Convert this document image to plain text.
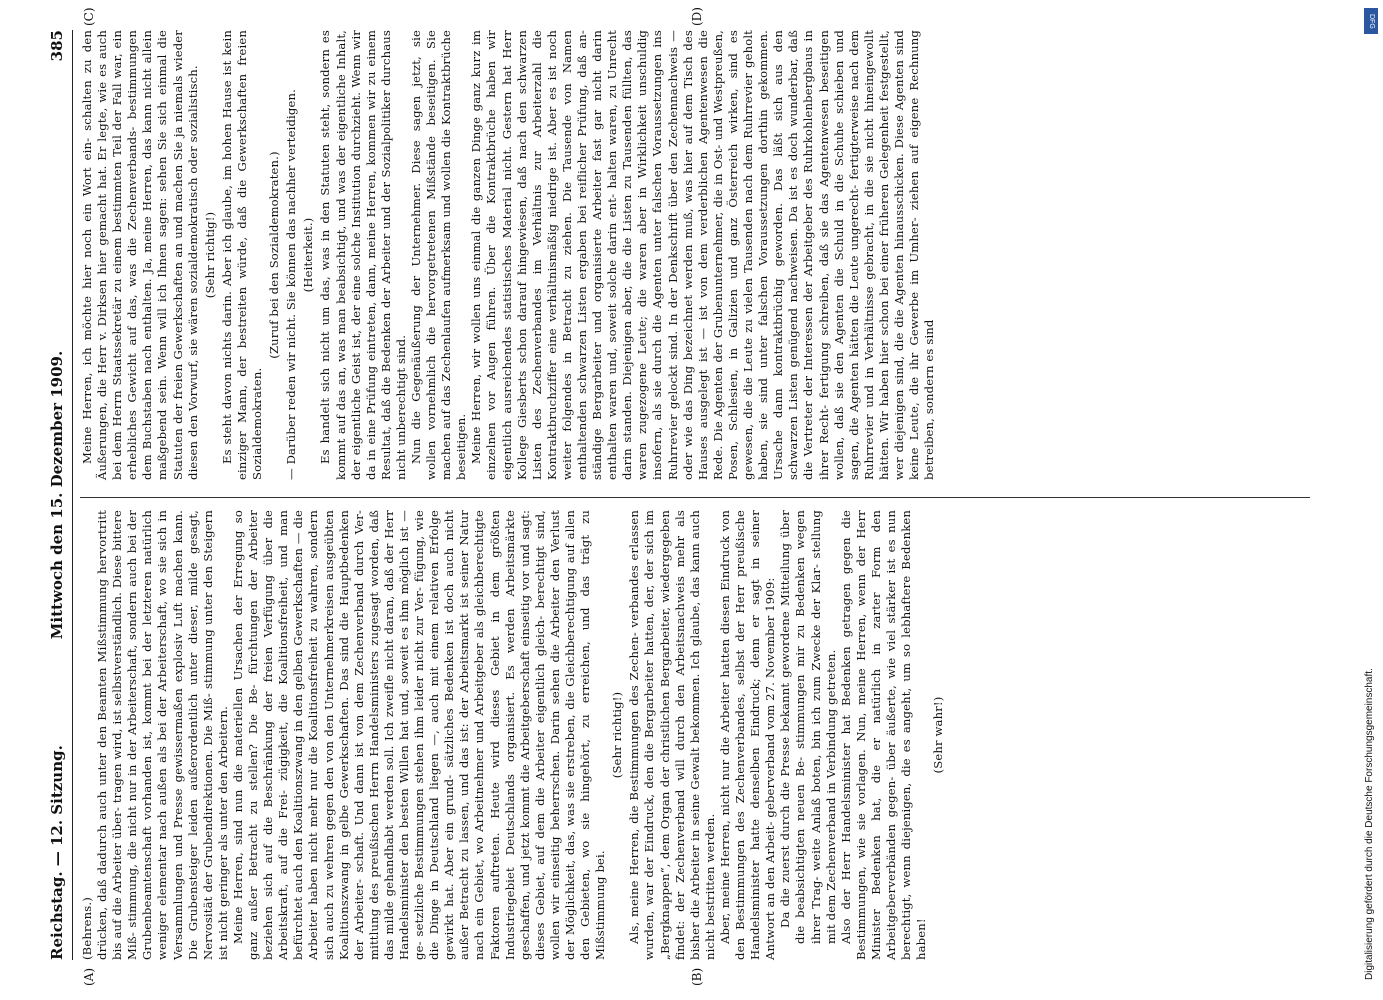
Reichstag. — 12. Sitzung.
Mittwoch den 15. Dezember 1909.
385
(A)	(B)
(C)	(D)

(Behrens.) drücken, daß dadurch auch unter den Beamten Mißstimmung hervortritt bis auf die Arbeiter über- tragen wird, ist selbstverständlich. Diese bittere Miß- stimmung, die nicht nur in der Arbeiterschaft, sondern auch bei der Grubenbeamtenschaft vorhanden ist, kommt bei der letzteren natürlich weniger elementar nach außen als bei der Arbeiterschaft, wo sie sich in Versammlungen und Presse gewissermaßen explosiv Luft machen kann. Die Grubensteiger leiden außerordentlich unter dieser, milde gesagt, Nervosität der Grubendirektionen. Die Miß- stimmung unter den Steigern ist nicht geringer als unter den Arbeitern. Meine Herren, sind nun die materiellen Ursachen der Erregung so ganz außer Betracht zu stellen? Die Be- fürchtungen der Arbeiter beziehen sich auf die Beschränkung der freien Verfügung über die Arbeitskraft, auf die Frei- zügigkeit, die Koalitionsfreiheit, und man befürchtet auch den Koalitionszwang in den gelben Gewerkschaften — die Arbeiter haben nicht mehr nur die Koalitionsfreiheit zu wahren, sondern sich auch zu wehren gegen den von den Unternehmerkreisen ausgeübten Koalitionszwang in gelbe Gewerkschaften. Das sind die Hauptbedenken der Arbeiter- schaft. Und dann ist von dem Zechenverband durch Ver- mittlung des preußischen Herrn Handelsministers zugesagt worden, daß das milde gehandhabt werden soll. Ich zweifle nicht daran, daß der Herr Handelsminister den besten Willen hat und, soweit es ihm möglich ist — ge- setzliche Bestimmungen stehen ihm leider nicht zur Ver- fügung, wie die Dinge in Deutschland liegen —, auch mit einem relativen Erfolge gewirkt hat. Aber ein grund- sätzliches Bedenken ist doch auch nicht außer Betracht zu lassen, und das ist: der Arbeitsmarkt ist seiner Natur nach ein Gebiet, wo Arbeitnehmer und Arbeitgeber als gleichberechtigte Faktoren auftreten. Heute wird dieses Gebiet in dem größten Industriegebiet Deutschlands organisiert. Es werden Arbeitsmärkte geschaffen, und jetzt kommt die Arbeitgeberschaft einseitig vor und sagt: dieses Gebiet, auf dem die Arbeiter eigentlich gleich- berechtigt sind, wollen wir einseitig beherrschen. Darin sehen die Arbeiter den Verlust der Möglichkeit, das, was sie erstreben, die Gleichberechtigung auf allen den Gebieten, wo sie hingehört, zu erreichen, und das trägt zu Mißstimmung bei.

(Sehr richtig!) Als, meine Herren, die Bestimmungen des Zechen- verbandes erlassen wurden, war der Eindruck, den die Bergarbeiter hatten, der, der sich im „Bergknappen“, dem Organ der christlichen Bergarbeiter, wiedergegeben findet: der Zechenverband will durch den Arbeitsnachweis mehr als bisher die Arbeiter in seine Gewalt bekommen. Ich glaube, das kann auch nicht bestritten werden. Aber, meine Herren, nicht nur die Arbeiter hatten diesen Eindruck von den Bestimmungen des Zechenverbandes, selbst der Herr preußische Handelsminister hatte denselben Eindruck; denn er sagt in seiner Antwort an den Arbeit- geberverband vom 27. November 1909: Da die zuerst durch die Presse bekannt gewordene Mitteilung über die beabsichtigten neuen Be- stimmungen mir zu Bedenken wegen ihrer Trag- weite Anlaß boten, bin ich zum Zwecke der Klar- stellung mit dem Zechenverband in Verbindung getreten. Also der Herr Handelsminister hat Bedenken getragen gegen die Bestimmungen, wie sie vorlagen. Nun, meine Herren, wenn der Herr Minister Bedenken hat, die er natürlich in zarter Form den Arbeitgeberverbänden gegen- über äußerte, wie viel stärker ist es nun berechtigt, wenn diejenigen, die es angeht, um so lebhaftere Bedenken haben!

(Sehr wahr!)

Meine Herren, ich möchte hier noch ein Wort ein- schalten zu den Äußerungen, die Herr v. Dirksen hier gemacht hat. Er legte, wie es auch bei dem Herrn Staatssekretär zu einem bestimmten Teil der Fall war, ein erhebliches Gewicht auf das, was die Zechenverbands- bestimmungen dem Buchstaben nach enthalten. Ja, meine Herren, das kann nicht allein maßgebend sein. Wenn will ich Ihnen sagen: sehen Sie sich einmal die Statuten der freien Gewerkschaften an und machen Sie ja niemals wieder diesen den Vorwurf, sie wären sozialdemokratisch oder sozialistisch. (Sehr richtig!) Es steht davon nichts darin. Aber ich glaube, im hohen Hause ist kein einziger Mann, der bestreiten würde, daß die Gewerkschaften freien Sozialdemokraten.

(Zuruf bei den Sozialdemokraten.) — Darüber reden wir nicht. Sie können das nachher verteidigen. (Heiterkeit.) Es handelt sich nicht um das, was in den Statuten steht, sondern es kommt auf das an, was man beabsichtigt, und was der eigentliche Inhalt, der eigentliche Geist ist, der eine solche Institution durchzieht. Wenn wir da in eine Prüfung eintreten, dann, meine Herren, kommen wir zu einem Resultat, daß die Bedenken der Arbeiter und der Sozialpolitiker durchaus nicht unberechtigt sind. Nun die Gegenäußerung der Unternehmer. Diese sagen jetzt, sie wollen vornehmlich die hervorgetretenen Mißstände beseitigen. Sie machen auf das Zechenlaufen aufmerksam und wollen die Kontraktbrüche beseitigen. Meine Herren, wir wollen uns einmal die ganzen Dinge ganz kurz im einzelnen vor Augen führen. Über die Kontraktbrüche haben wir eigentlich ausreichendes statistisches Material nicht. Gestern hat Herr Kollege Giesberts schon darauf hingewiesen, daß nach den schwarzen Listen des Zechenverbandes im Verhältnis zur Arbeiterzahl die Kontraktbruchziffer eine verhältnismäßig niedrige ist. Aber es ist noch weiter folgendes in Betracht zu ziehen. Die Tausende von Namen enthaltenden schwarzen Listen ergaben bei reiflicher Prüfung, daß an- ständige Bergarbeiter und organisierte Arbeiter fast gar nicht darin enthalten waren und, soweit solche darin ent- halten waren, zu Unrecht darin standen. Diejenigen aber, die die Listen zu Tausenden füllten, das waren zugezogene Leute; die waren aber in Wirklichkeit unschuldig insofern, als sie durch die Agenten unter falschen Voraussetzungen ins Ruhrrevier gelockt sind. In der Denkschrift über den Zechennachweis — oder wie das Ding bezeichnet werden muß, was hier auf dem Tisch des Hauses ausgelegt ist — ist von dem verderblichen Agentenwesen die Rede. Die Agenten der Grubenunternehmer, die in Ost- und Westpreußen, Posen, Schlesien, in Galizien und ganz Österreich wirken, sind es gewesen, die die Leute zu vielen Tausenden nach dem Ruhrrevier geholt haben, sie sind unter falschen Voraussetzungen dorthin gekommen. Ursache dann kontraktbrüchig geworden. Das läßt sich aus den schwarzen Listen genügend nachweisen. Da ist es doch wunderbar, daß die Vertreter der Interessen der Arbeitgeber des Ruhrkohlenbergbaus in ihrer Recht- fertigung schreiben, daß sie das Agentenwesen beseitigen wollen, daß sie den Agenten die Schuld in die Schuhe schieben und sagen, die Agenten hätten die Leute ungerecht- fertigterweise nach dem Ruhrrevier und in Verhältnisse gebracht, in die sie nicht hineingewollt hätten. Wir haben hier schon bei einer früheren Gelegenheit festgestellt, wer diejenigen sind, die die Agenten hinausschicken. Diese Agenten sind keine Leute, die ihr Gewerbe im Umher- ziehen auf eigene Rechnung betreiben, sondern es sind

Digitalisierung gefördert durch die Deutsche Forschungsgemeinschaft.
DFG
